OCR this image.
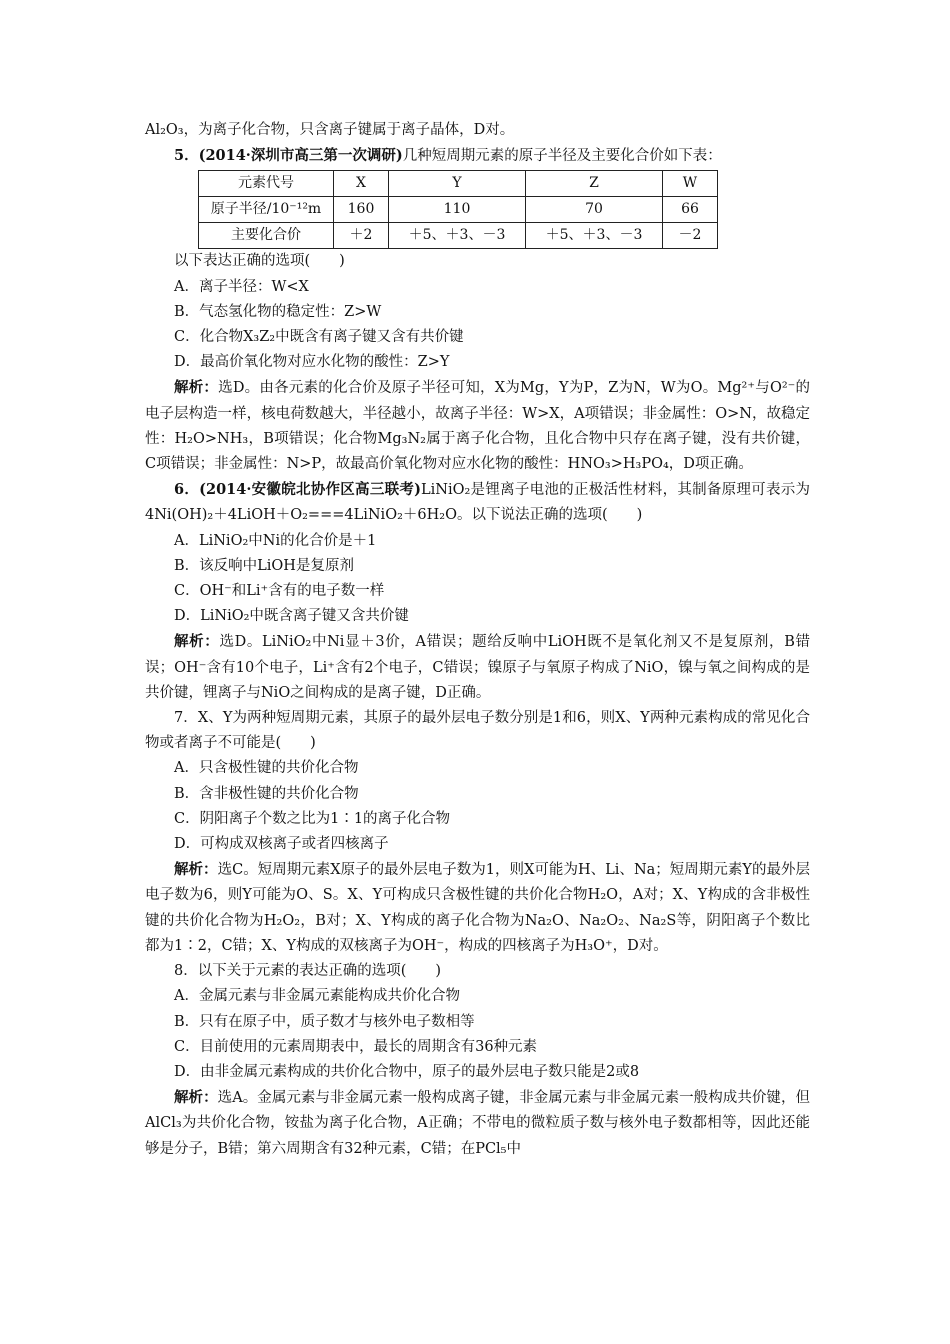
Al₂O₃，为离子化合物，只含离子键属于离子晶体，D对。

5．(2014·深圳市高三第一次调研)几种短周期元素的原子半径及主要化合价如下表：

元素代号	X	Y	Z	W
原子半径/10⁻¹²m	160	110	70	66
主要化合价	＋2	＋5、＋3、－3	＋5、＋3、－3	－2

以下表达正确的选项(　　)

A．离子半径：W<X

B．气态氢化物的稳定性：Z>W

C．化合物X₃Z₂中既含有离子键又含有共价键

D．最高价氧化物对应水化物的酸性：Z>Y

解析：选D。由各元素的化合价及原子半径可知，X为Mg，Y为P，Z为N，W为O。Mg²⁺与O²⁻的电子层构造一样，核电荷数越大，半径越小，故离子半径：W>X，A项错误；非金属性：O>N，故稳定性：H₂O>NH₃，B项错误；化合物Mg₃N₂属于离子化合物，且化合物中只存在离子键，没有共价键，C项错误；非金属性：N>P，故最高价氧化物对应水化物的酸性：HNO₃>H₃PO₄，D项正确。

6．(2014·安徽皖北协作区高三联考)LiNiO₂是锂离子电池的正极活性材料，其制备原理可表示为4Ni(OH)₂＋4LiOH＋O₂===4LiNiO₂＋6H₂O。以下说法正确的选项(　　)

A．LiNiO₂中Ni的化合价是＋1

B．该反响中LiOH是复原剂

C．OH⁻和Li⁺含有的电子数一样

D．LiNiO₂中既含离子键又含共价键

解析：选D。LiNiO₂中Ni显＋3价，A错误；题给反响中LiOH既不是氧化剂又不是复原剂，B错误；OH⁻含有10个电子，Li⁺含有2个电子，C错误；镍原子与氧原子构成了NiO，镍与氧之间构成的是共价键，锂离子与NiO之间构成的是离子键，D正确。

7．X、Y为两种短周期元素，其原子的最外层电子数分别是1和6，则X、Y两种元素构成的常见化合物或者离子不可能是(　　)

A．只含极性键的共价化合物

B．含非极性键的共价化合物

C．阴阳离子个数之比为1∶1的离子化合物

D．可构成双核离子或者四核离子

解析：选C。短周期元素X原子的最外层电子数为1，则X可能为H、Li、Na；短周期元素Y的最外层电子数为6，则Y可能为O、S。X、Y可构成只含极性键的共价化合物H₂O，A对；X、Y构成的含非极性键的共价化合物为H₂O₂，B对；X、Y构成的离子化合物为Na₂O、Na₂O₂、Na₂S等，阴阳离子个数比都为1∶2，C错；X、Y构成的双核离子为OH⁻，构成的四核离子为H₃O⁺，D对。

8．以下关于元素的表达正确的选项(　　)

A．金属元素与非金属元素能构成共价化合物

B．只有在原子中，质子数才与核外电子数相等

C．目前使用的元素周期表中，最长的周期含有36种元素

D．由非金属元素构成的共价化合物中，原子的最外层电子数只能是2或8

解析：选A。金属元素与非金属元素一般构成离子键，非金属元素与非金属元素一般构成共价键，但AlCl₃为共价化合物，铵盐为离子化合物，A正确；不带电的微粒质子数与核外电子数都相等，因此还能够是分子，B错；第六周期含有32种元素，C错；在PCl₅中
